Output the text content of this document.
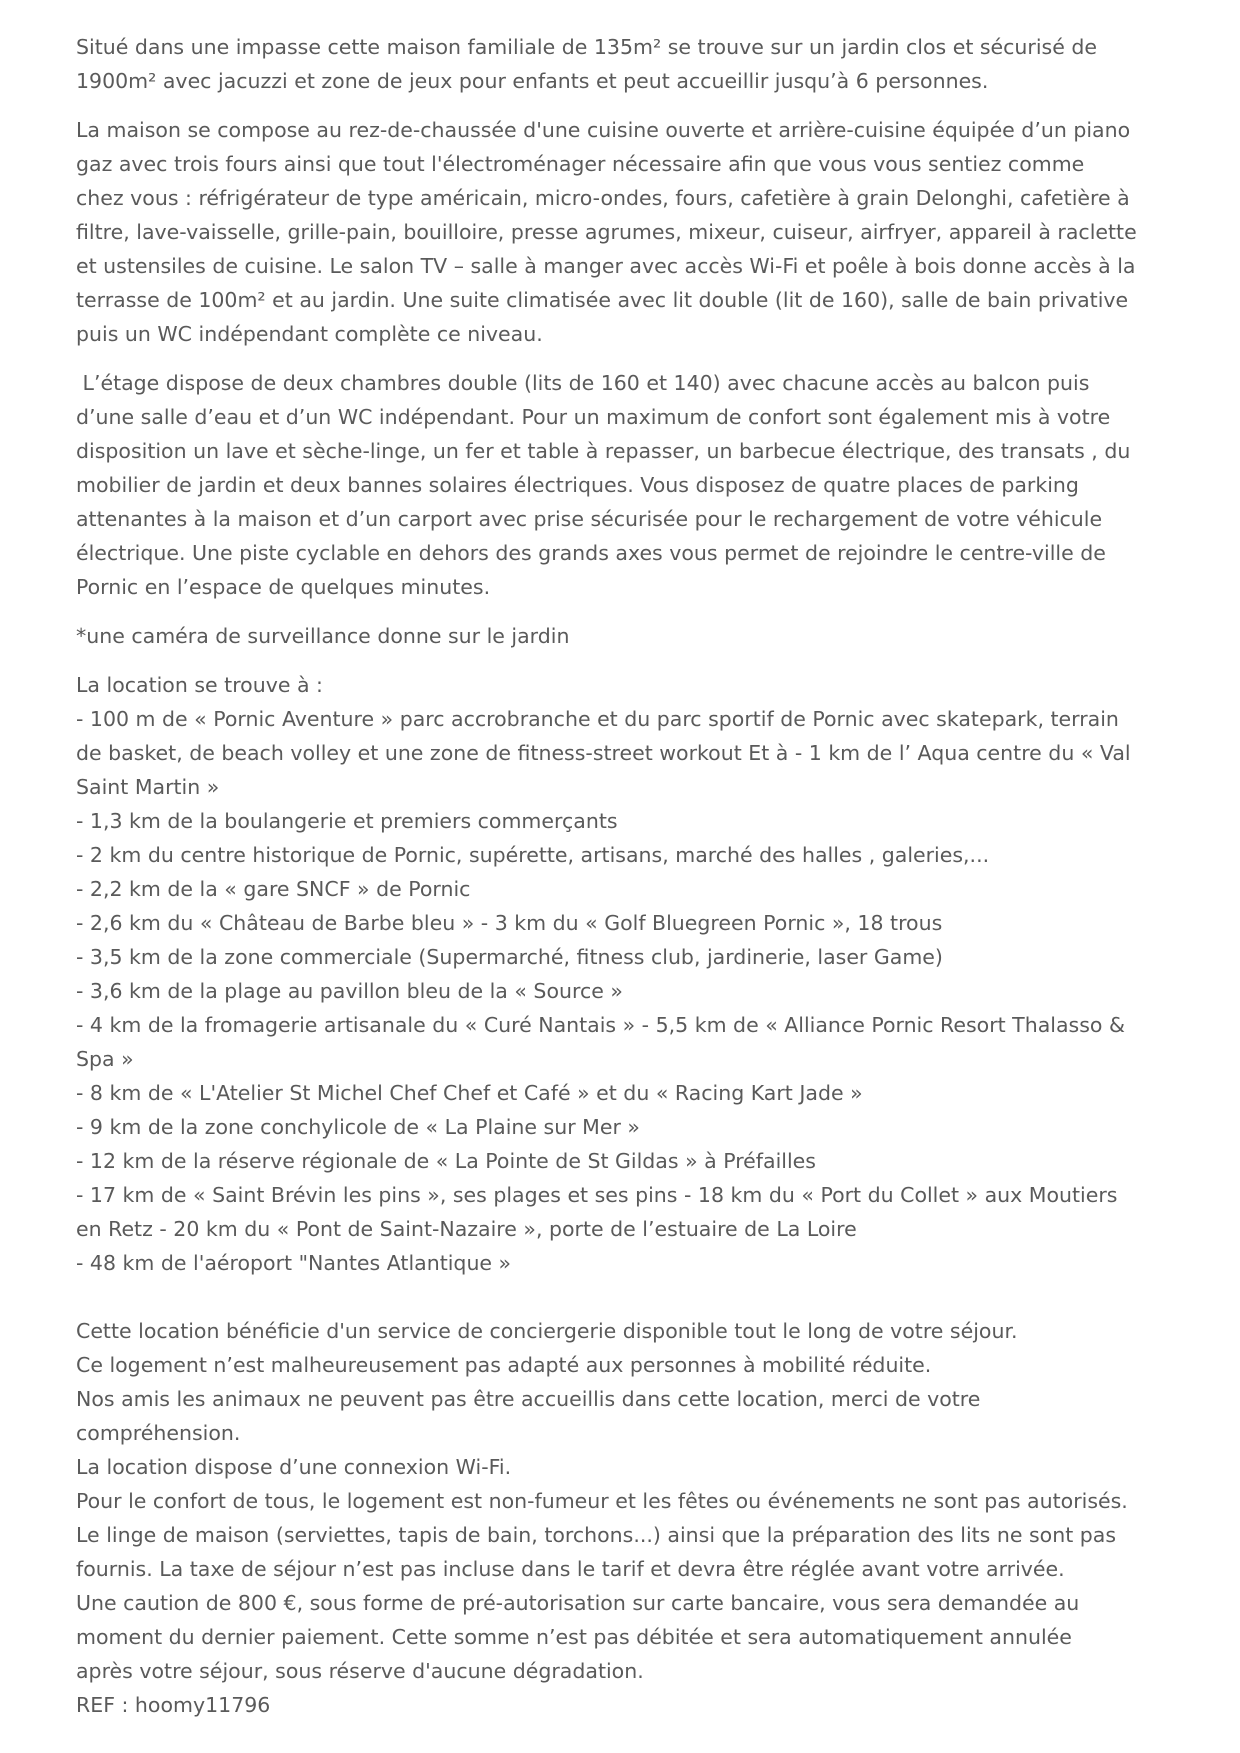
Situé dans une impasse cette maison familiale de 135m² se trouve sur un jardin clos et sécurisé de
1900m² avec jacuzzi et zone de jeux pour enfants et peut accueillir jusqu’à 6 personnes.

La maison se compose au rez-de-chaussée d'une cuisine ouverte et arrière-cuisine équipée d’un piano
gaz avec trois fours ainsi que tout l'électroménager nécessaire afin que vous vous sentiez comme
chez vous : réfrigérateur de type américain, micro-ondes, fours, cafetière à grain Delonghi, cafetière à
filtre, lave-vaisselle, grille-pain, bouilloire, presse agrumes, mixeur, cuiseur, airfryer, appareil à raclette
et ustensiles de cuisine. Le salon TV – salle à manger avec accès Wi-Fi et poêle à bois donne accès à la
terrasse de 100m² et au jardin. Une suite climatisée avec lit double (lit de 160), salle de bain privative
puis un WC indépendant complète ce niveau.

L’étage dispose de deux chambres double (lits de 160 et 140) avec chacune accès au balcon puis
d’une salle d’eau et d’un WC indépendant. Pour un maximum de confort sont également mis à votre
disposition un lave et sèche-linge, un fer et table à repasser, un barbecue électrique, des transats , du
mobilier de jardin et deux bannes solaires électriques. Vous disposez de quatre places de parking
attenantes à la maison et d’un carport avec prise sécurisée pour le rechargement de votre véhicule
électrique. Une piste cyclable en dehors des grands axes vous permet de rejoindre le centre-ville de
Pornic en l’espace de quelques minutes.

*une caméra de surveillance donne sur le jardin

La location se trouve à :
- 100 m de « Pornic Aventure » parc accrobranche et du parc sportif de Pornic avec skatepark, terrain
de basket, de beach volley et une zone de fitness-street workout Et à - 1 km de l’ Aqua centre du « Val
Saint Martin »
- 1,3 km de la boulangerie et premiers commerçants
- 2 km du centre historique de Pornic, supérette, artisans, marché des halles , galeries,...
- 2,2 km de la « gare SNCF » de Pornic
- 2,6 km du « Château de Barbe bleu » - 3 km du « Golf Bluegreen Pornic », 18 trous
- 3,5 km de la zone commerciale (Supermarché, fitness club, jardinerie, laser Game)
- 3,6 km de la plage au pavillon bleu de la « Source »
- 4 km de la fromagerie artisanale du « Curé Nantais » - 5,5 km de « Alliance Pornic Resort Thalasso &
Spa »
- 8 km de « L'Atelier St Michel Chef Chef et Café » et du « Racing Kart Jade »
- 9 km de la zone conchylicole de « La Plaine sur Mer »
- 12 km de la réserve régionale de « La Pointe de St Gildas » à Préfailles
- 17 km de « Saint Brévin les pins », ses plages et ses pins - 18 km du « Port du Collet » aux Moutiers
en Retz - 20 km du « Pont de Saint-Nazaire », porte de l’estuaire de La Loire
- 48 km de l'aéroport "Nantes Atlantique »

Cette location bénéficie d'un service de conciergerie disponible tout le long de votre séjour.
Ce logement n’est malheureusement pas adapté aux personnes à mobilité réduite.
Nos amis les animaux ne peuvent pas être accueillis dans cette location, merci de votre
compréhension.
La location dispose d’une connexion Wi-Fi.
Pour le confort de tous, le logement est non-fumeur et les fêtes ou événements ne sont pas autorisés.
Le linge de maison (serviettes, tapis de bain, torchons...) ainsi que la préparation des lits ne sont pas
fournis. La taxe de séjour n’est pas incluse dans le tarif et devra être réglée avant votre arrivée.
Une caution de 800 €, sous forme de pré-autorisation sur carte bancaire, vous sera demandée au
moment du dernier paiement. Cette somme n’est pas débitée et sera automatiquement annulée
après votre séjour, sous réserve d'aucune dégradation.
REF : hoomy11796
